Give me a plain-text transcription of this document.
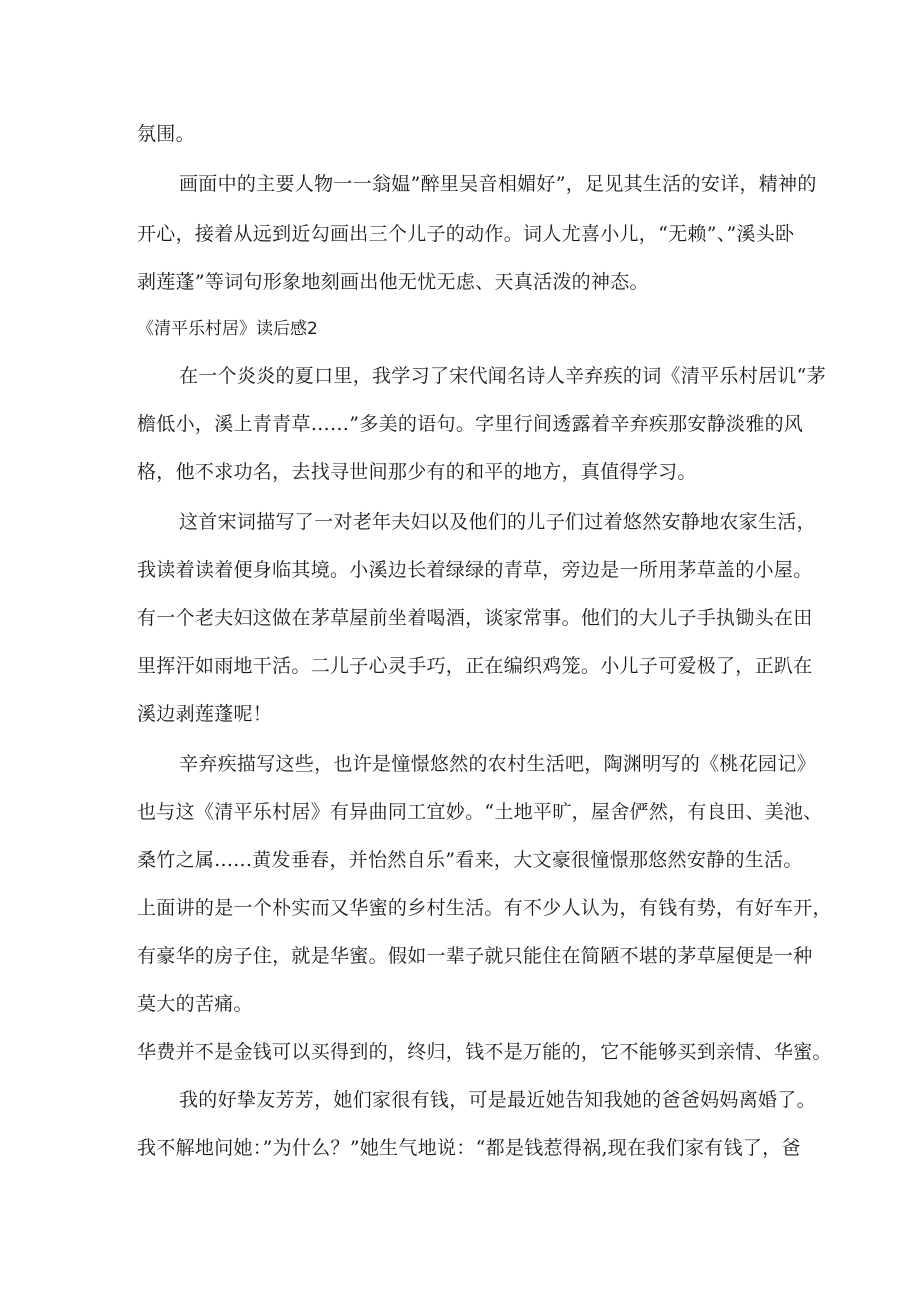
氛围。
画面中的主要人物一一翁媪”醉里吴音相媚好”，足见其生活的安详，精神的
开心，接着从远到近勾画出三个儿子的动作。词人尤喜小儿，“无赖”、”溪头卧
剥莲蓬”等词句形象地刻画出他无忧无虑、天真活泼的神态。
《清平乐村居》读后感2
在一个炎炎的夏口里，我学习了宋代闻名诗人辛弃疾的词《清平乐村居讥“茅
檐低小，溪上青青草……”多美的语句。字里行间透露着辛弃疾那安静淡雅的风
格，他不求功名，去找寻世间那少有的和平的地方，真值得学习。
这首宋词描写了一对老年夫妇以及他们的儿子们过着悠然安静地农家生活，
我读着读着便身临其境。小溪边长着绿绿的青草，旁边是一所用茅草盖的小屋。
有一个老夫妇这做在茅草屋前坐着喝酒，谈家常事。他们的大儿子手执锄头在田
里挥汗如雨地干活。二儿子心灵手巧，正在编织鸡笼。小儿子可爱极了，正趴在
溪边剥莲蓬呢！
辛弃疾描写这些，也许是憧憬悠然的农村生活吧，陶渊明写的《桃花园记》
也与这《清平乐村居》有异曲同工宜妙。“土地平旷，屋舍俨然，有良田、美池、
桑竹之属......黄发垂春，并怡然自乐”看来，大文豪很憧憬那悠然安静的生活。
上面讲的是一个朴实而又华蜜的乡村生活。有不少人认为，有钱有势，有好车开，
有豪华的房子住，就是华蜜。假如一辈子就只能住在简陋不堪的茅草屋便是一种
莫大的苦痛。
华费并不是金钱可以买得到的，终归，钱不是万能的，它不能够买到亲情、华蜜。
我的好挚友芳芳，她们家很有钱，可是最近她告知我她的爸爸妈妈离婚了。
我不解地问她：”为什么？”她生气地说：“都是钱惹得祸,现在我们家有钱了，爸
